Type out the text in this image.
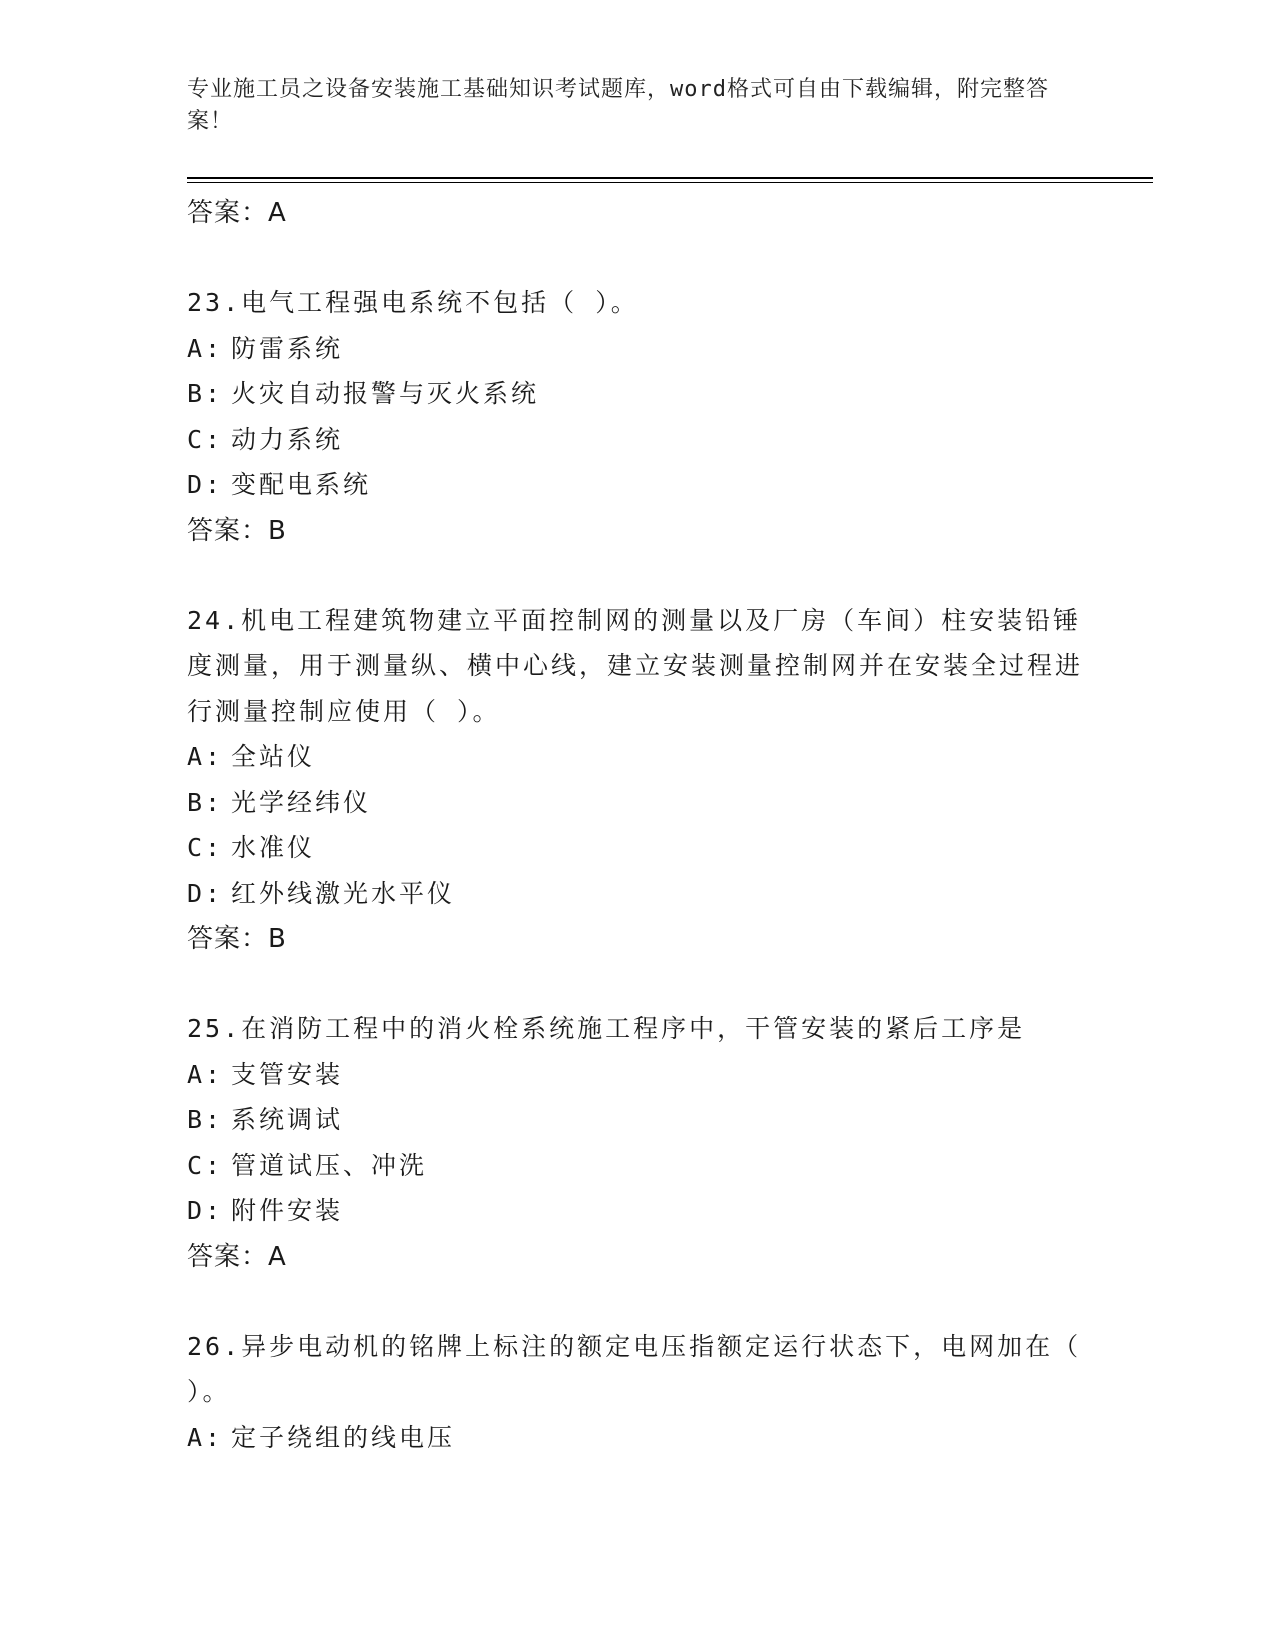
专业施工员之设备安装施工基础知识考试题库，word格式可自由下载编辑，附完整答案！
答案：A
23.电气工程强电系统不包括（ ）。
A: 防雷系统
B: 火灾自动报警与灭火系统
C: 动力系统
D: 变配电系统
答案：B
24.机电工程建筑物建立平面控制网的测量以及厂房（车间）柱安装铅锤度测量，用于测量纵、横中心线，建立安装测量控制网并在安装全过程进行测量控制应使用（ ）。
A: 全站仪
B: 光学经纬仪
C: 水准仪
D: 红外线激光水平仪
答案：B
25.在消防工程中的消火栓系统施工程序中，干管安装的紧后工序是
A: 支管安装
B: 系统调试
C: 管道试压、冲洗
D: 附件安装
答案：A
26.异步电动机的铭牌上标注的额定电压指额定运行状态下，电网加在（ ）。
A: 定子绕组的线电压
